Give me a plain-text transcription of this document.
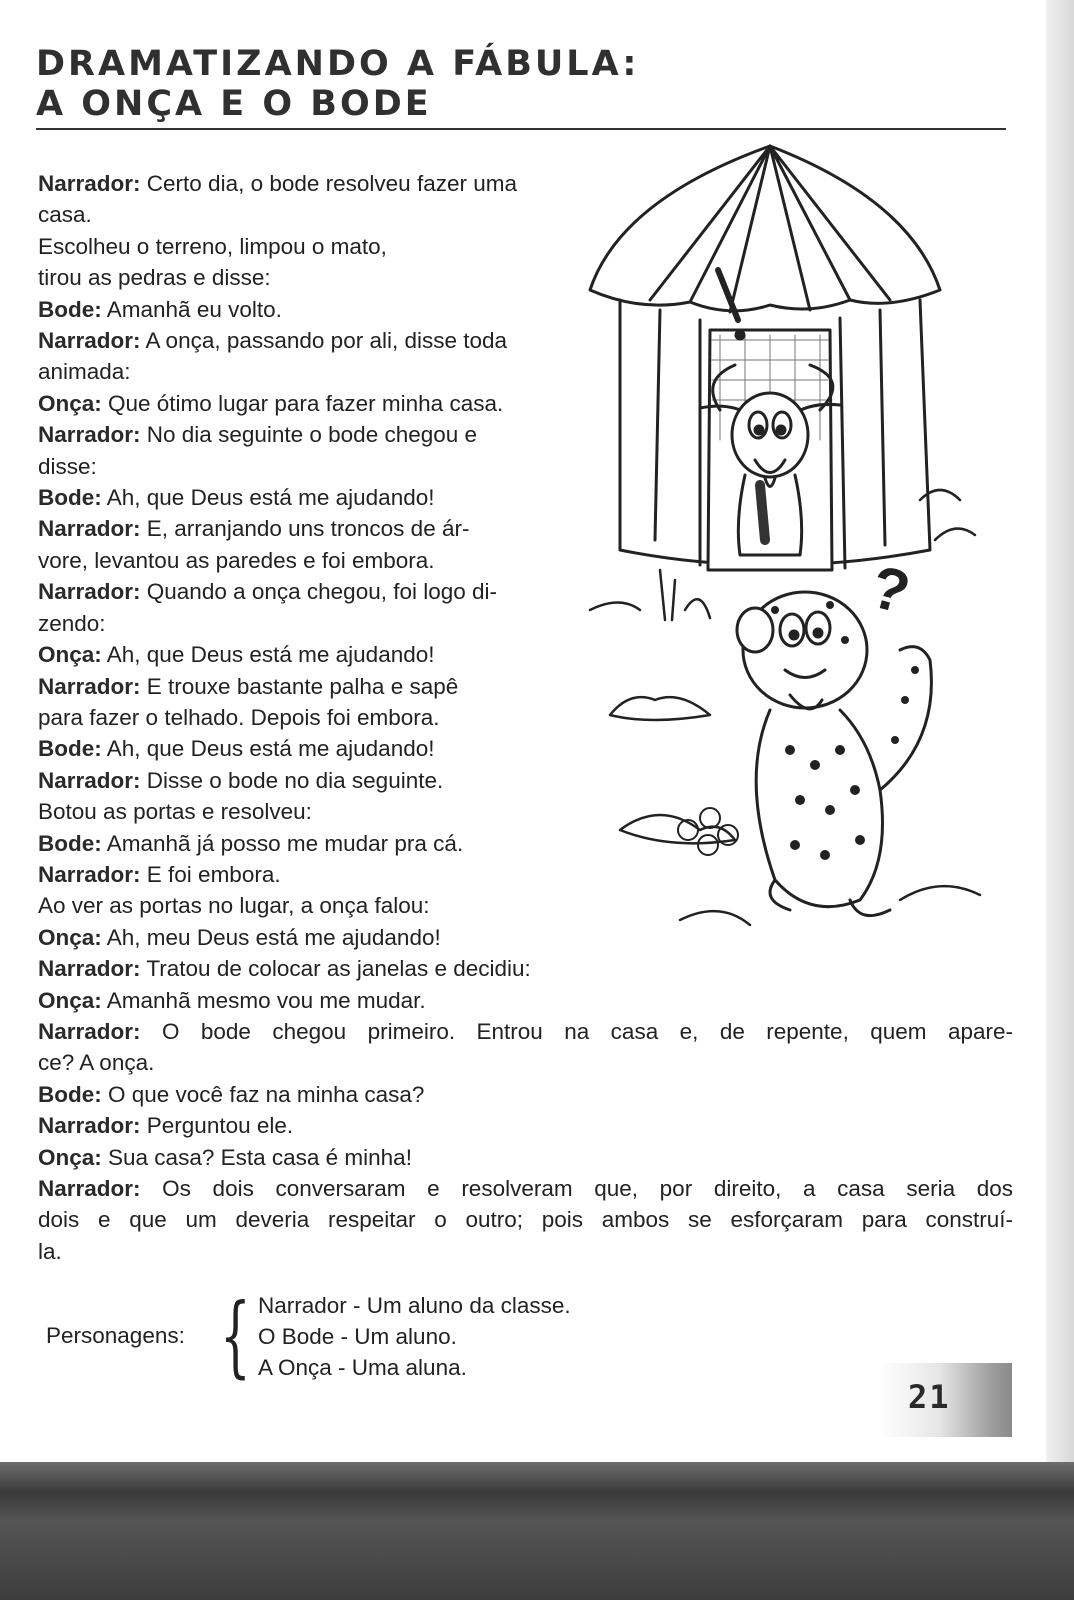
DRAMATIZANDO A FÁBULA:
A ONÇA E O BODE
Narrador: Certo dia, o bode resolveu fazer uma
casa.
Escolheu o terreno, limpou o mato,
tirou as pedras e disse:
Bode: Amanhã eu volto.
Narrador: A onça, passando por ali, disse toda
animada:
Onça: Que ótimo lugar para fazer minha casa.
Narrador: No dia seguinte o bode chegou e
disse:
Bode: Ah, que Deus está me ajudando!
Narrador: E, arranjando uns troncos de ár-
vore, levantou as paredes e foi embora.
Narrador: Quando a onça chegou, foi logo di-
zendo:
Onça: Ah, que Deus está me ajudando!
Narrador: E trouxe bastante palha e sapê
para fazer o telhado. Depois foi embora.
Bode: Ah, que Deus está me ajudando!
Narrador: Disse o bode no dia seguinte.
Botou as portas e resolveu:
Bode: Amanhã já posso me mudar pra cá.
Narrador: E foi embora.
Ao ver as portas no lugar, a onça falou:
Onça: Ah, meu Deus está me ajudando!
Narrador: Tratou de colocar as janelas e decidiu:
Onça: Amanhã mesmo vou me mudar.
Narrador: O bode chegou primeiro. Entrou na casa e, de repente, quem apare-
ce? A onça.
Bode: O que você faz na minha casa?
Narrador: Perguntou ele.
Onça: Sua casa? Esta casa é minha!
Narrador: Os dois conversaram e resolveram que, por direito, a casa seria dos
dois e que um deveria respeitar o outro; pois ambos se esforçaram para construí-
la.
?
Personagens: { Narrador - Um aluno da classe.
O Bode - Um aluno.
A Onça - Uma aluna.
21
